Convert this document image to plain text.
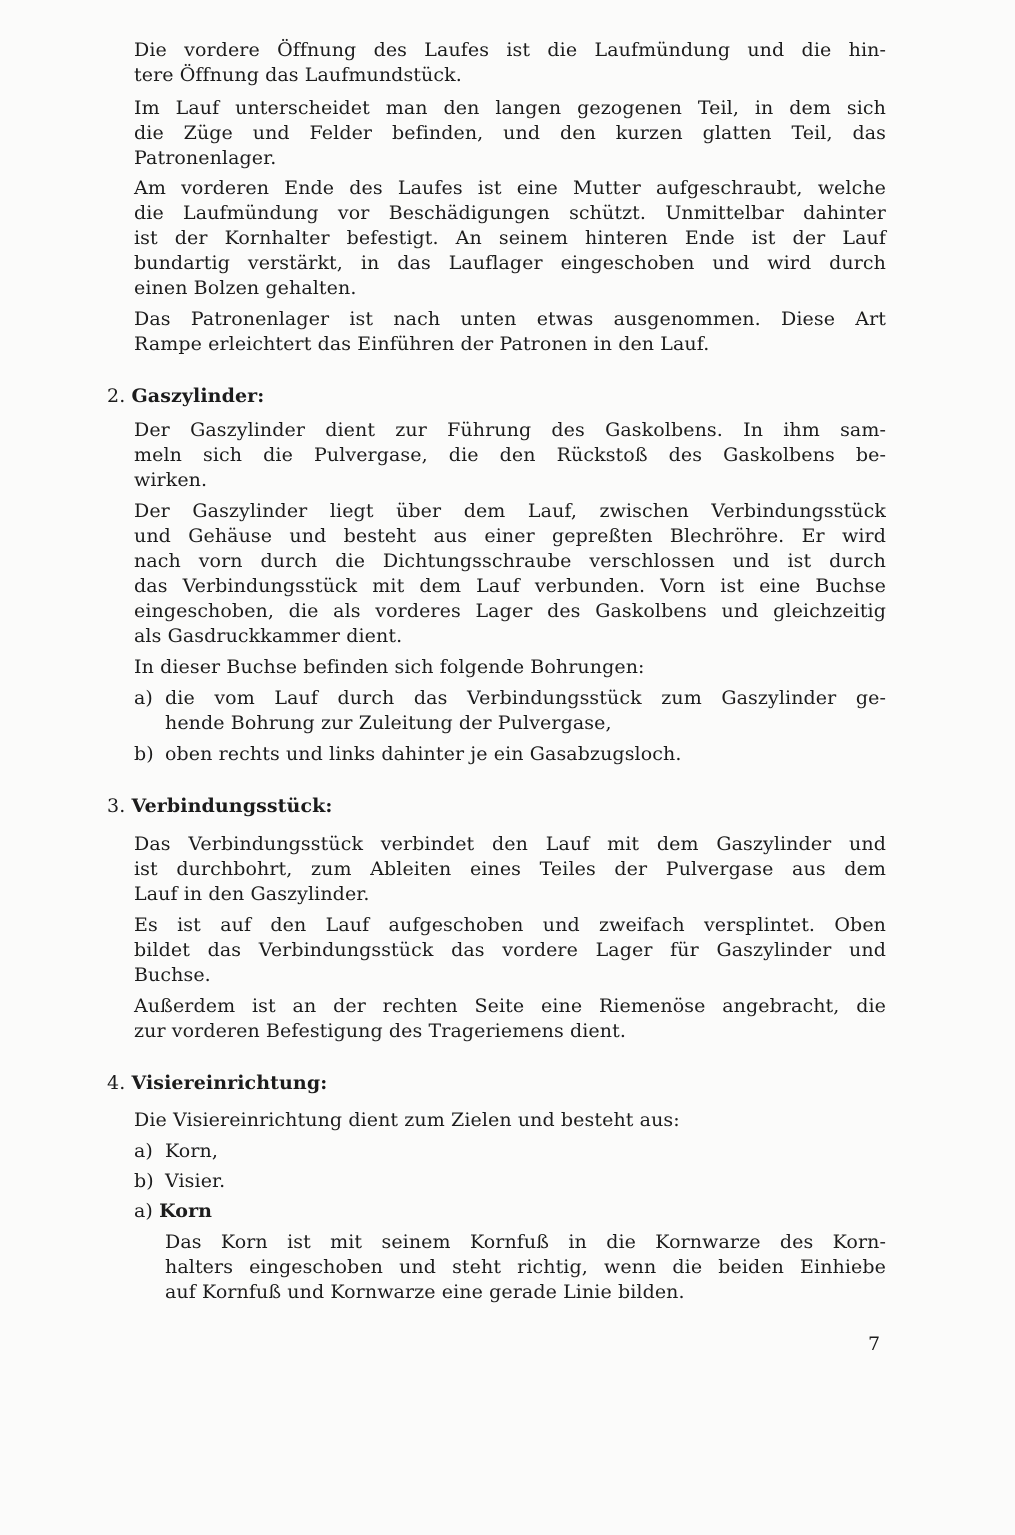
Die vordere Öffnung des Laufes ist die Laufmündung und die hin-
tere Öffnung das Laufmundstück.
Im Lauf unterscheidet man den langen gezogenen Teil, in dem sich
die Züge und Felder befinden, und den kurzen glatten Teil, das
Patronenlager.
Am vorderen Ende des Laufes ist eine Mutter aufgeschraubt, welche
die Laufmündung vor Beschädigungen schützt. Unmittelbar dahinter
ist der Kornhalter befestigt. An seinem hinteren Ende ist der Lauf
bundartig verstärkt, in das Lauflager eingeschoben und wird durch
einen Bolzen gehalten.
Das Patronenlager ist nach unten etwas ausgenommen. Diese Art
Rampe erleichtert das Einführen der Patronen in den Lauf.
2. Gaszylinder:
Der Gaszylinder dient zur Führung des Gaskolbens. In ihm sam-
meln sich die Pulvergase, die den Rückstoß des Gaskolbens be-
wirken.
Der Gaszylinder liegt über dem Lauf, zwischen Verbindungsstück
und Gehäuse und besteht aus einer gepreßten Blechröhre. Er wird
nach vorn durch die Dichtungsschraube verschlossen und ist durch
das Verbindungsstück mit dem Lauf verbunden. Vorn ist eine Buchse
eingeschoben, die als vorderes Lager des Gaskolbens und gleichzeitig
als Gasdruckkammer dient.
In dieser Buchse befinden sich folgende Bohrungen:
a) die vom Lauf durch das Verbindungsstück zum Gaszylinder ge-
hende Bohrung zur Zuleitung der Pulvergase,
b) oben rechts und links dahinter je ein Gasabzugsloch.
3. Verbindungsstück:
Das Verbindungsstück verbindet den Lauf mit dem Gaszylinder und
ist durchbohrt, zum Ableiten eines Teiles der Pulvergase aus dem
Lauf in den Gaszylinder.
Es ist auf den Lauf aufgeschoben und zweifach versplintet. Oben
bildet das Verbindungsstück das vordere Lager für Gaszylinder und
Buchse.
Außerdem ist an der rechten Seite eine Riemenöse angebracht, die
zur vorderen Befestigung des Trageriemens dient.
4. Visiereinrichtung:
Die Visiereinrichtung dient zum Zielen und besteht aus:
a) Korn,
b) Visier.
a) Korn
Das Korn ist mit seinem Kornfuß in die Kornwarze des Korn-
halters eingeschoben und steht richtig, wenn die beiden Einhiebe
auf Kornfuß und Kornwarze eine gerade Linie bilden.
7
